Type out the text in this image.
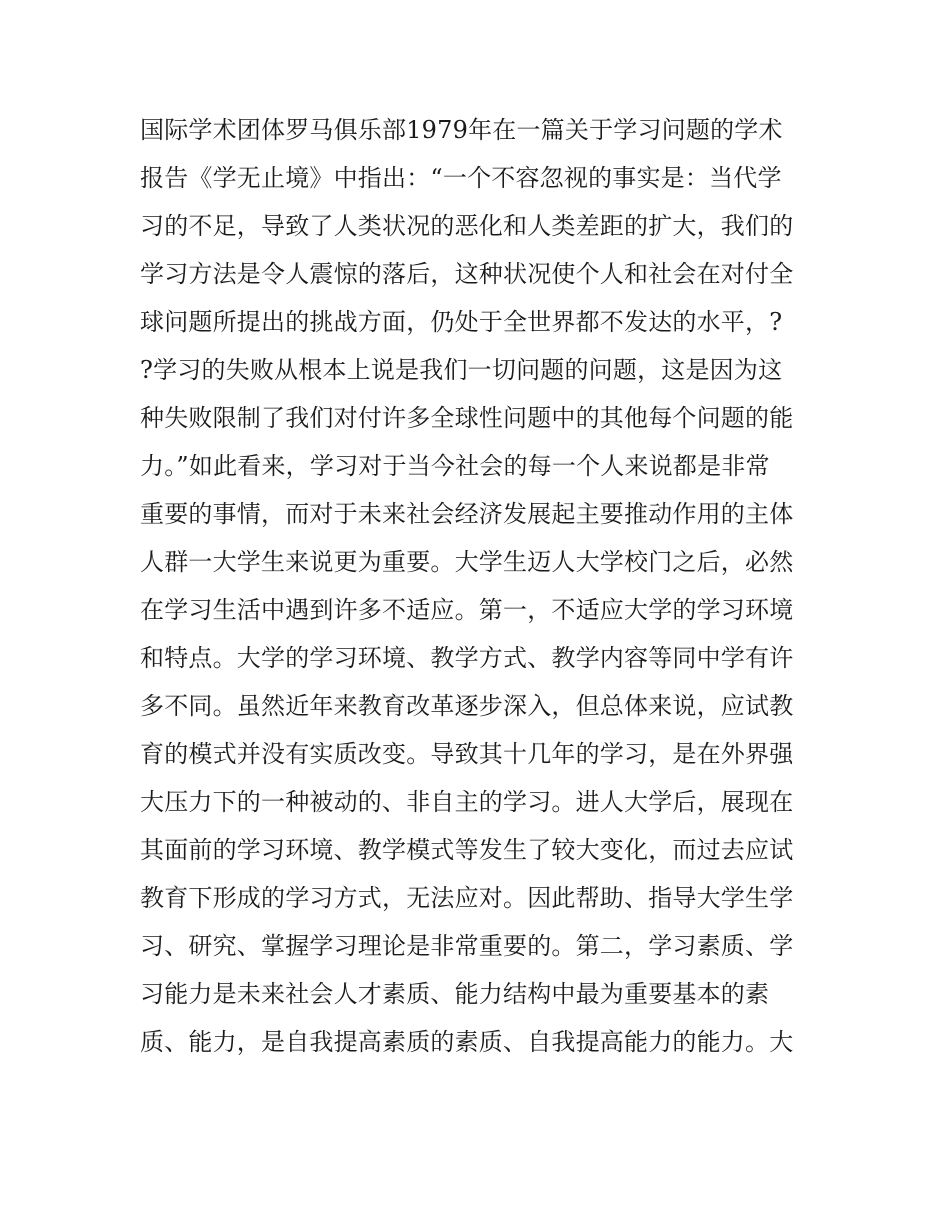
国际学术团体罗马俱乐部1979年在一篇关于学习问题的学术
报告《学无止境》中指出：“一个不容忽视的事实是：当代学
习的不足，导致了人类状况的恶化和人类差距的扩大，我们的
学习方法是令人震惊的落后，这种状况使个人和社会在对付全
球问题所提出的挑战方面，仍处于全世界都不发达的水平，?
?学习的失败从根本上说是我们一切问题的问题，这是因为这
种失败限制了我们对付许多全球性问题中的其他每个问题的能
力。”如此看来，学习对于当今社会的每一个人来说都是非常
重要的事情，而对于未来社会经济发展起主要推动作用的主体
人群一大学生来说更为重要。大学生迈人大学校门之后，必然
在学习生活中遇到许多不适应。第一，不适应大学的学习环境
和特点。大学的学习环境、教学方式、教学内容等同中学有许
多不同。虽然近年来教育改革逐步深入，但总体来说，应试教
育的模式并没有实质改变。导致其十几年的学习，是在外界强
大压力下的一种被动的、非自主的学习。进人大学后，展现在
其面前的学习环境、教学模式等发生了较大变化，而过去应试
教育下形成的学习方式，无法应对。因此帮助、指导大学生学
习、研究、掌握学习理论是非常重要的。第二，学习素质、学
习能力是未来社会人才素质、能力结构中最为重要基本的素
质、能力，是自我提高素质的素质、自我提高能力的能力。大
